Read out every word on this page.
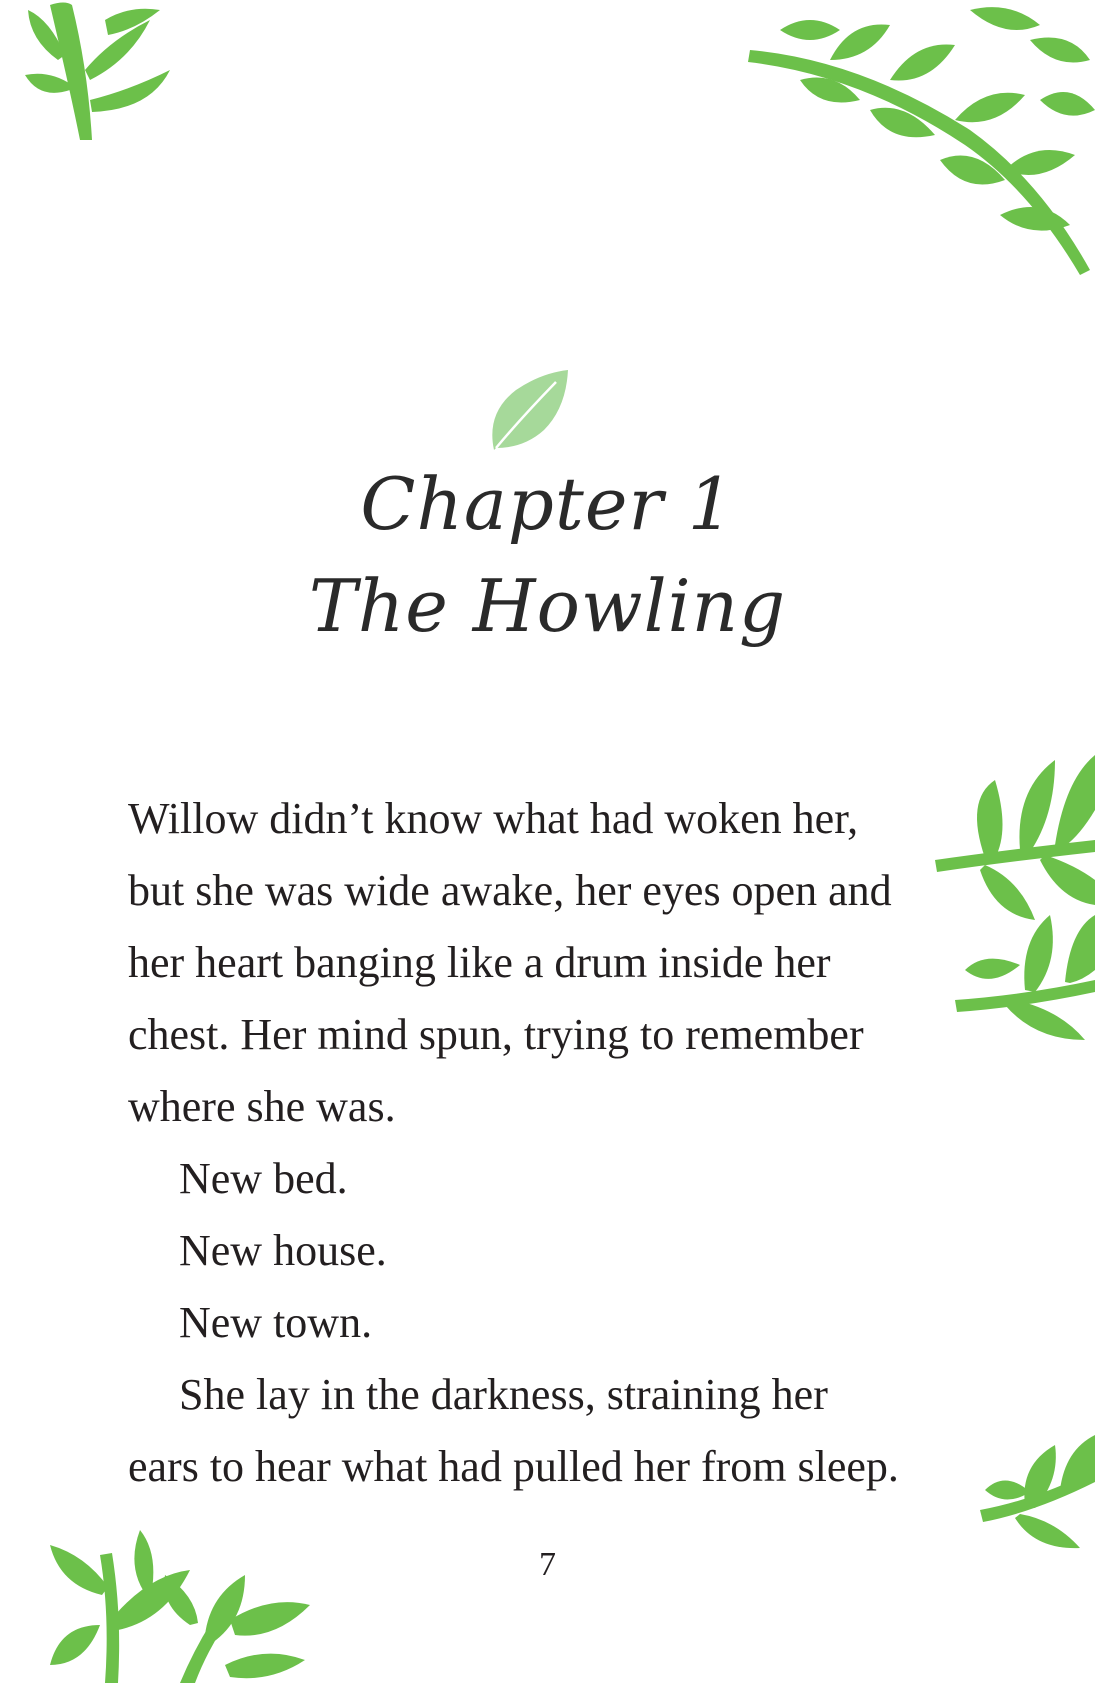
Chapter 1
The Howling

Willow didn’t know what had woken her,

but she was wide awake, her eyes open and

her heart banging like a drum inside her

chest. Her mind spun, trying to remember

where she was.

New bed.

New house.

New town.

She lay in the darkness, straining her

ears to hear what had pulled her from sleep.

7
